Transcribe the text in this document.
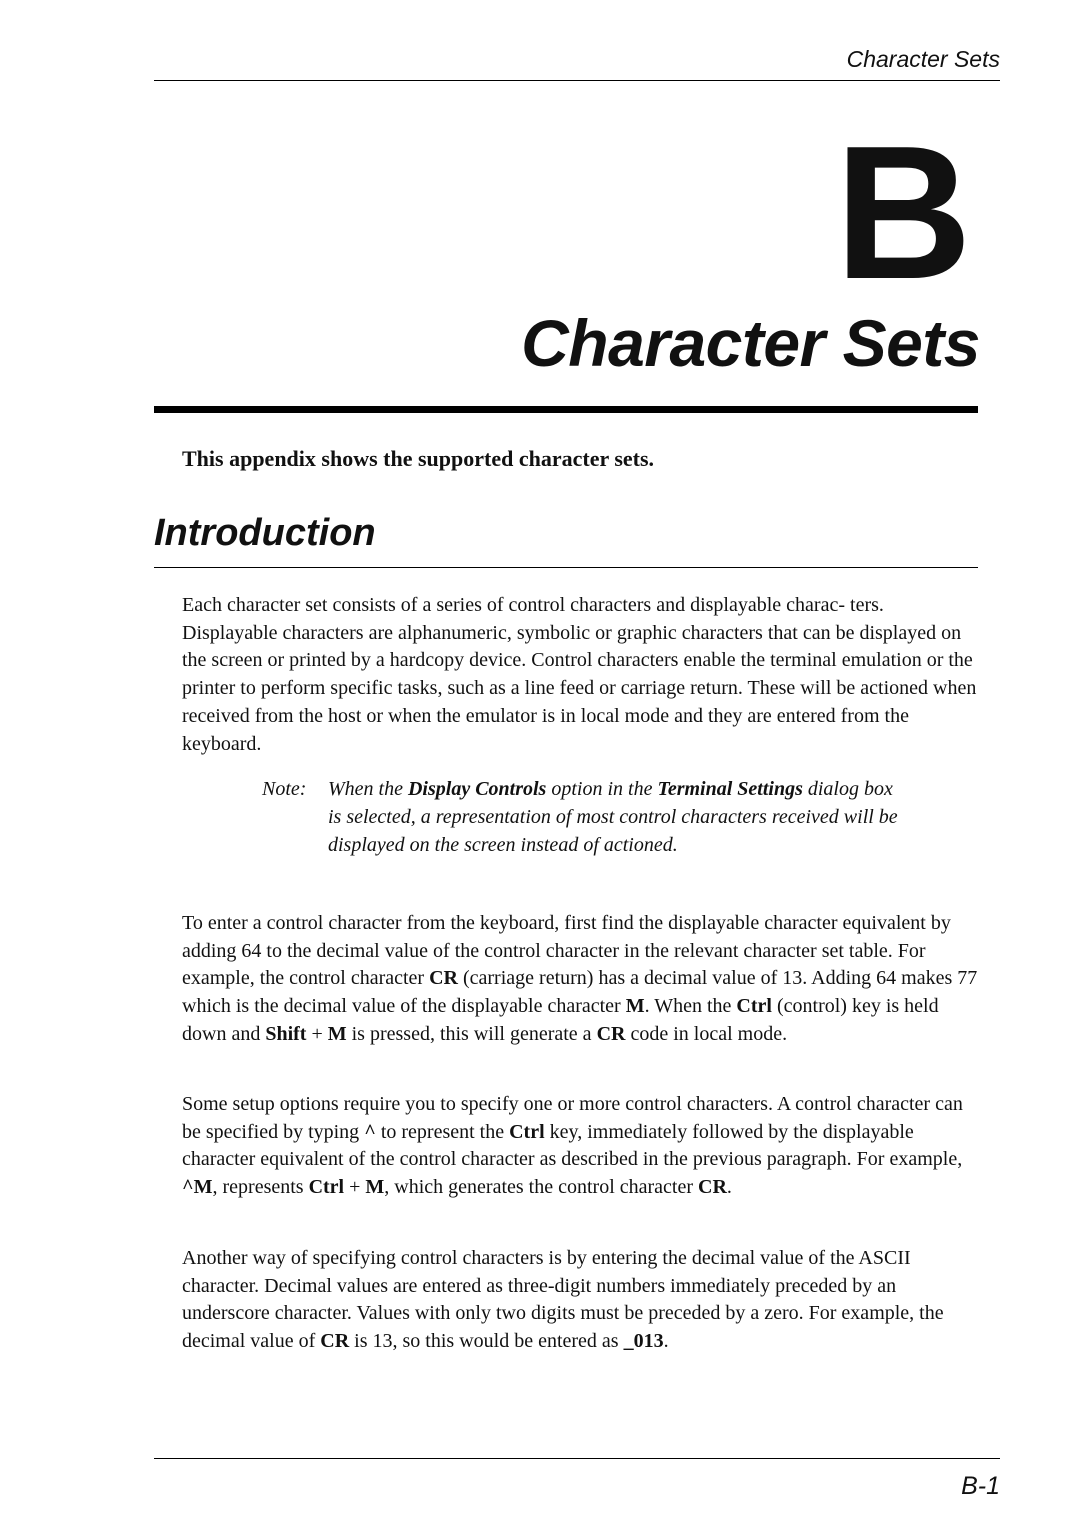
Character Sets
B
Character Sets
This appendix shows the supported character sets.
Introduction

Each character set consists of a series of control characters and displayable charac- ters. Displayable characters are alphanumeric, symbolic or graphic characters that can be displayed on the screen or printed by a hardcopy device. Control characters enable the terminal emulation or the printer to perform specific tasks, such as a line feed or carriage return. These will be actioned when received from the host or when the emulator is in local mode and they are entered from the keyboard.

Note:	When the Display Controls option in the Terminal Settings dialog box is selected, a representation of most control characters received will be displayed on the screen instead of actioned.

To enter a control character from the keyboard, first find the displayable character equivalent by adding 64 to the decimal value of the control character in the relevant character set table. For example, the control character CR (carriage return) has a decimal value of 13. Adding 64 makes 77 which is the decimal value of the displayable character M. When the Ctrl (control) key is held down and Shift + M is pressed, this will generate a CR code in local mode.

Some setup options require you to specify one or more control characters. A control character can be specified by typing ^ to represent the Ctrl key, immediately followed by the displayable character equivalent of the control character as described in the previous paragraph. For example, ^M, represents Ctrl + M, which generates the control character CR.

Another way of specifying control characters is by entering the decimal value of the ASCII character. Decimal values are entered as three-digit numbers immediately preceded by an underscore character. Values with only two digits must be preceded by a zero. For example, the decimal value of CR is 13, so this would be entered as _013.

B-1
